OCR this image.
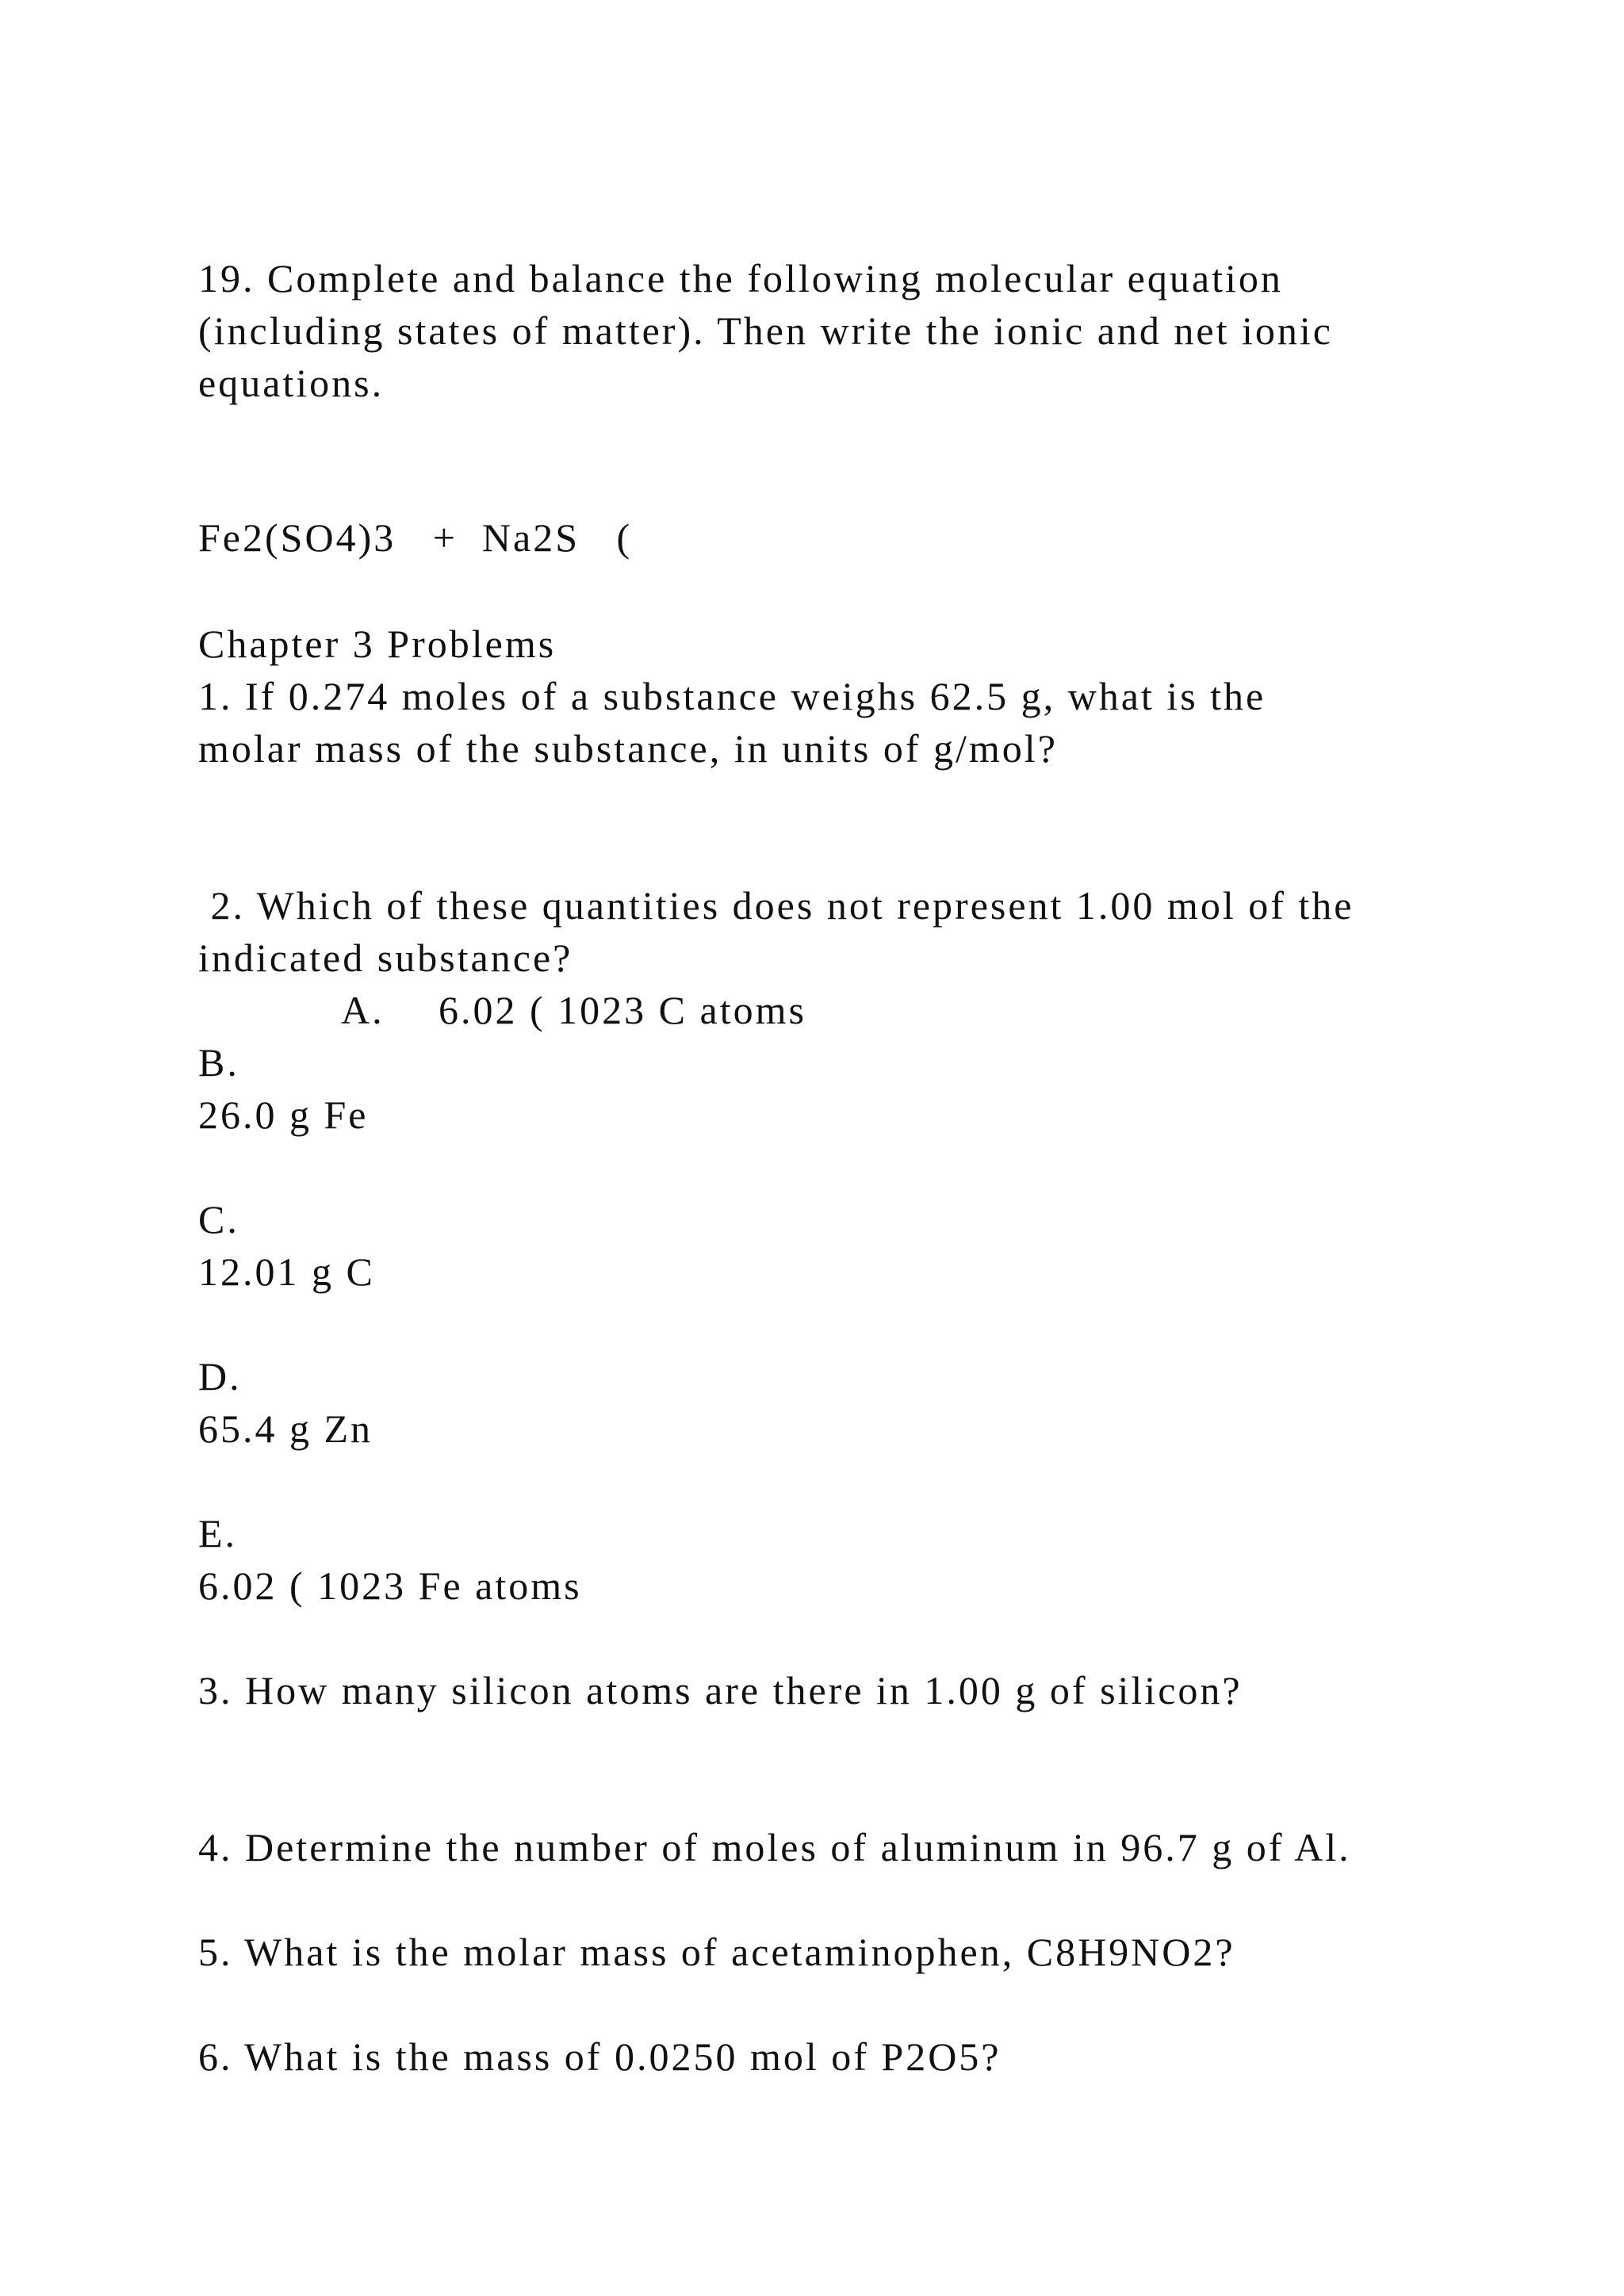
19. Complete and balance the following molecular equation

(including states of matter). Then write the ionic and net ionic

equations.

Fe2(SO4)3   +  Na2S   (

Chapter 3 Problems

1. If 0.274 moles of a substance weighs 62.5 g, what is the

molar mass of the substance, in units of g/mol?

2. Which of these quantities does not represent 1.00 mol of the

indicated substance?

A. 6.02 ( 1023 C atoms

B.

26.0 g Fe

C.

12.01 g C

D.

65.4 g Zn

E.

6.02 ( 1023 Fe atoms

3. How many silicon atoms are there in 1.00 g of silicon?

4. Determine the number of moles of aluminum in 96.7 g of Al.

5. What is the molar mass of acetaminophen, C8H9NO2?

6. What is the mass of 0.0250 mol of P2O5?
